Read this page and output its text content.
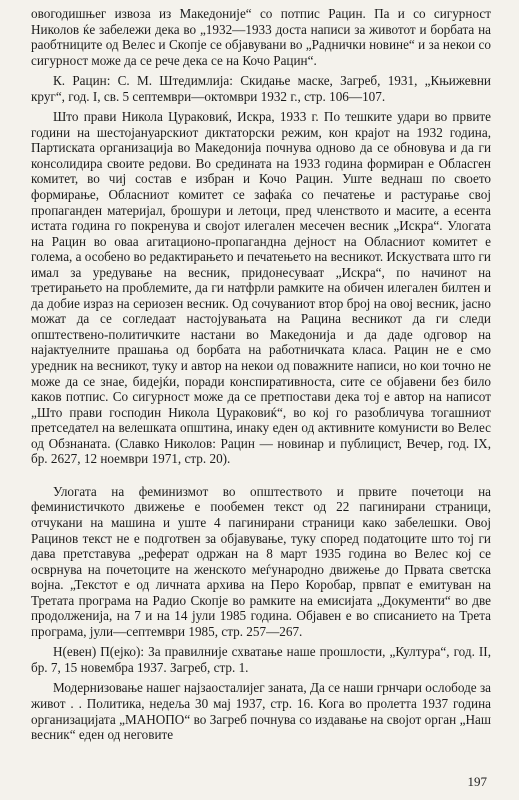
овогодишњег извоза из Македоније“ со потпис Рацин. Па и со сигурност Николов ќе забележи дека во „1932—1933 доста написи за животот и борбата на раобтниците од Велес и Скопје се објавувани во „Раднички новине“ и за некои со сигурност може да се рече дека се на Кочо Рацин“.

К. Рацин: С. М. Штедимлија: Скидање маске, Загреб, 1931, „Књижевни круг“, год. I, св. 5 септември—октомври 1932 г., стр. 106—107.

Што прави Никола Цураковиќ, Искра, 1933 г. По тешките удари во првите години на шестојануарскиот диктаторски режим, кон крајот на 1932 година, Партиската организација во Македонија почнува одново да се обновува и да ги консолидира своите редови. Во средината на 1933 година формиран е Обласген комитет, во чиј состав е избран и Кочо Рацин. Уште веднаш по своето формирање, Обласниот комитет се зафаќа со печатење и растурање свој пропаганден материјал, брошури и летоци, пред членството и масите, а есента истата година го покренува и својот илегален месечен весник „Искра“. Улогата на Рацин во оваа агитационо-пропагандна дејност на Обласниот комитет е голема, а особено во редактирањето и печатењето на весникот. Искуствата што ги имал за уредување на весник, придонесуваат „Искра“, по начинот на третирањето на проблемите, да ги натфрли рамките на обичен илегален билтен и да добие израз на сериозен весник. Од сочуваниот втор број на овој весник, јасно можат да се согледаат настојувањата на Рацина весникот да ги следи општествено-политичките настани во Македонија и да даде одговор на најактуелните прашања од борбата на работничката класа. Рацин не е смо уредник на весникот, туку и автор на некои од поважните написи, но кои точно не може да се знае, бидејќи, поради конспиративноста, сите се објавени без било каков потпис. Со сигурност може да се претпостави дека тој е автор на написот „Што прави господин Никола Цураковиќ“, во кој го разобличува тогашниот претседател на велешката општина, инаку еден од активните комунисти во Велес од Обзнаната. (Славко Николов: Рацин — новинар и публицист, Вечер, год. IX, бр. 2627, 12 ноември 1971, стр. 20).

Улогата на феминизмот во општеството и првите почетоци на феминистичкото движење е пообемен текст од 22 пагинирани страници, отчукани на машина и уште 4 пагинирани страници како забелешки. Овој Рацинов текст не е подготвен за објавување, туку според податоците што тој ги дава претставува „реферат одржан на 8 март 1935 година во Велес кој се осврнува на почетоците на женското меѓународно движење до Првата светска војна. „Текстот е од личната архива на Перо Коробар, првпат е емитуван на Третата програма на Радио Скопје во рамките на емисијата „Документи“ во две продолженија, на 7 и на 14 јули 1985 година. Објавен е во списанието на Трета програма, јули—септември 1985, стр. 257—267.

Н(евен) П(ејко): За правилније схватање наше прошлости, „Култура“, год. II, бр. 7, 15 новембра 1937. Загреб, стр. 1.

Модернизовање нашег најзаосталијег заната, Да се наши грнчари ослободе за живот . . Политика, недеља 30 мај 1937, стр. 16. Кога во пролетта 1937 година организацијата „МАНОПО“ во Загреб почнува со издавање на својот орган „Наш весник“ еден од неговите

197
